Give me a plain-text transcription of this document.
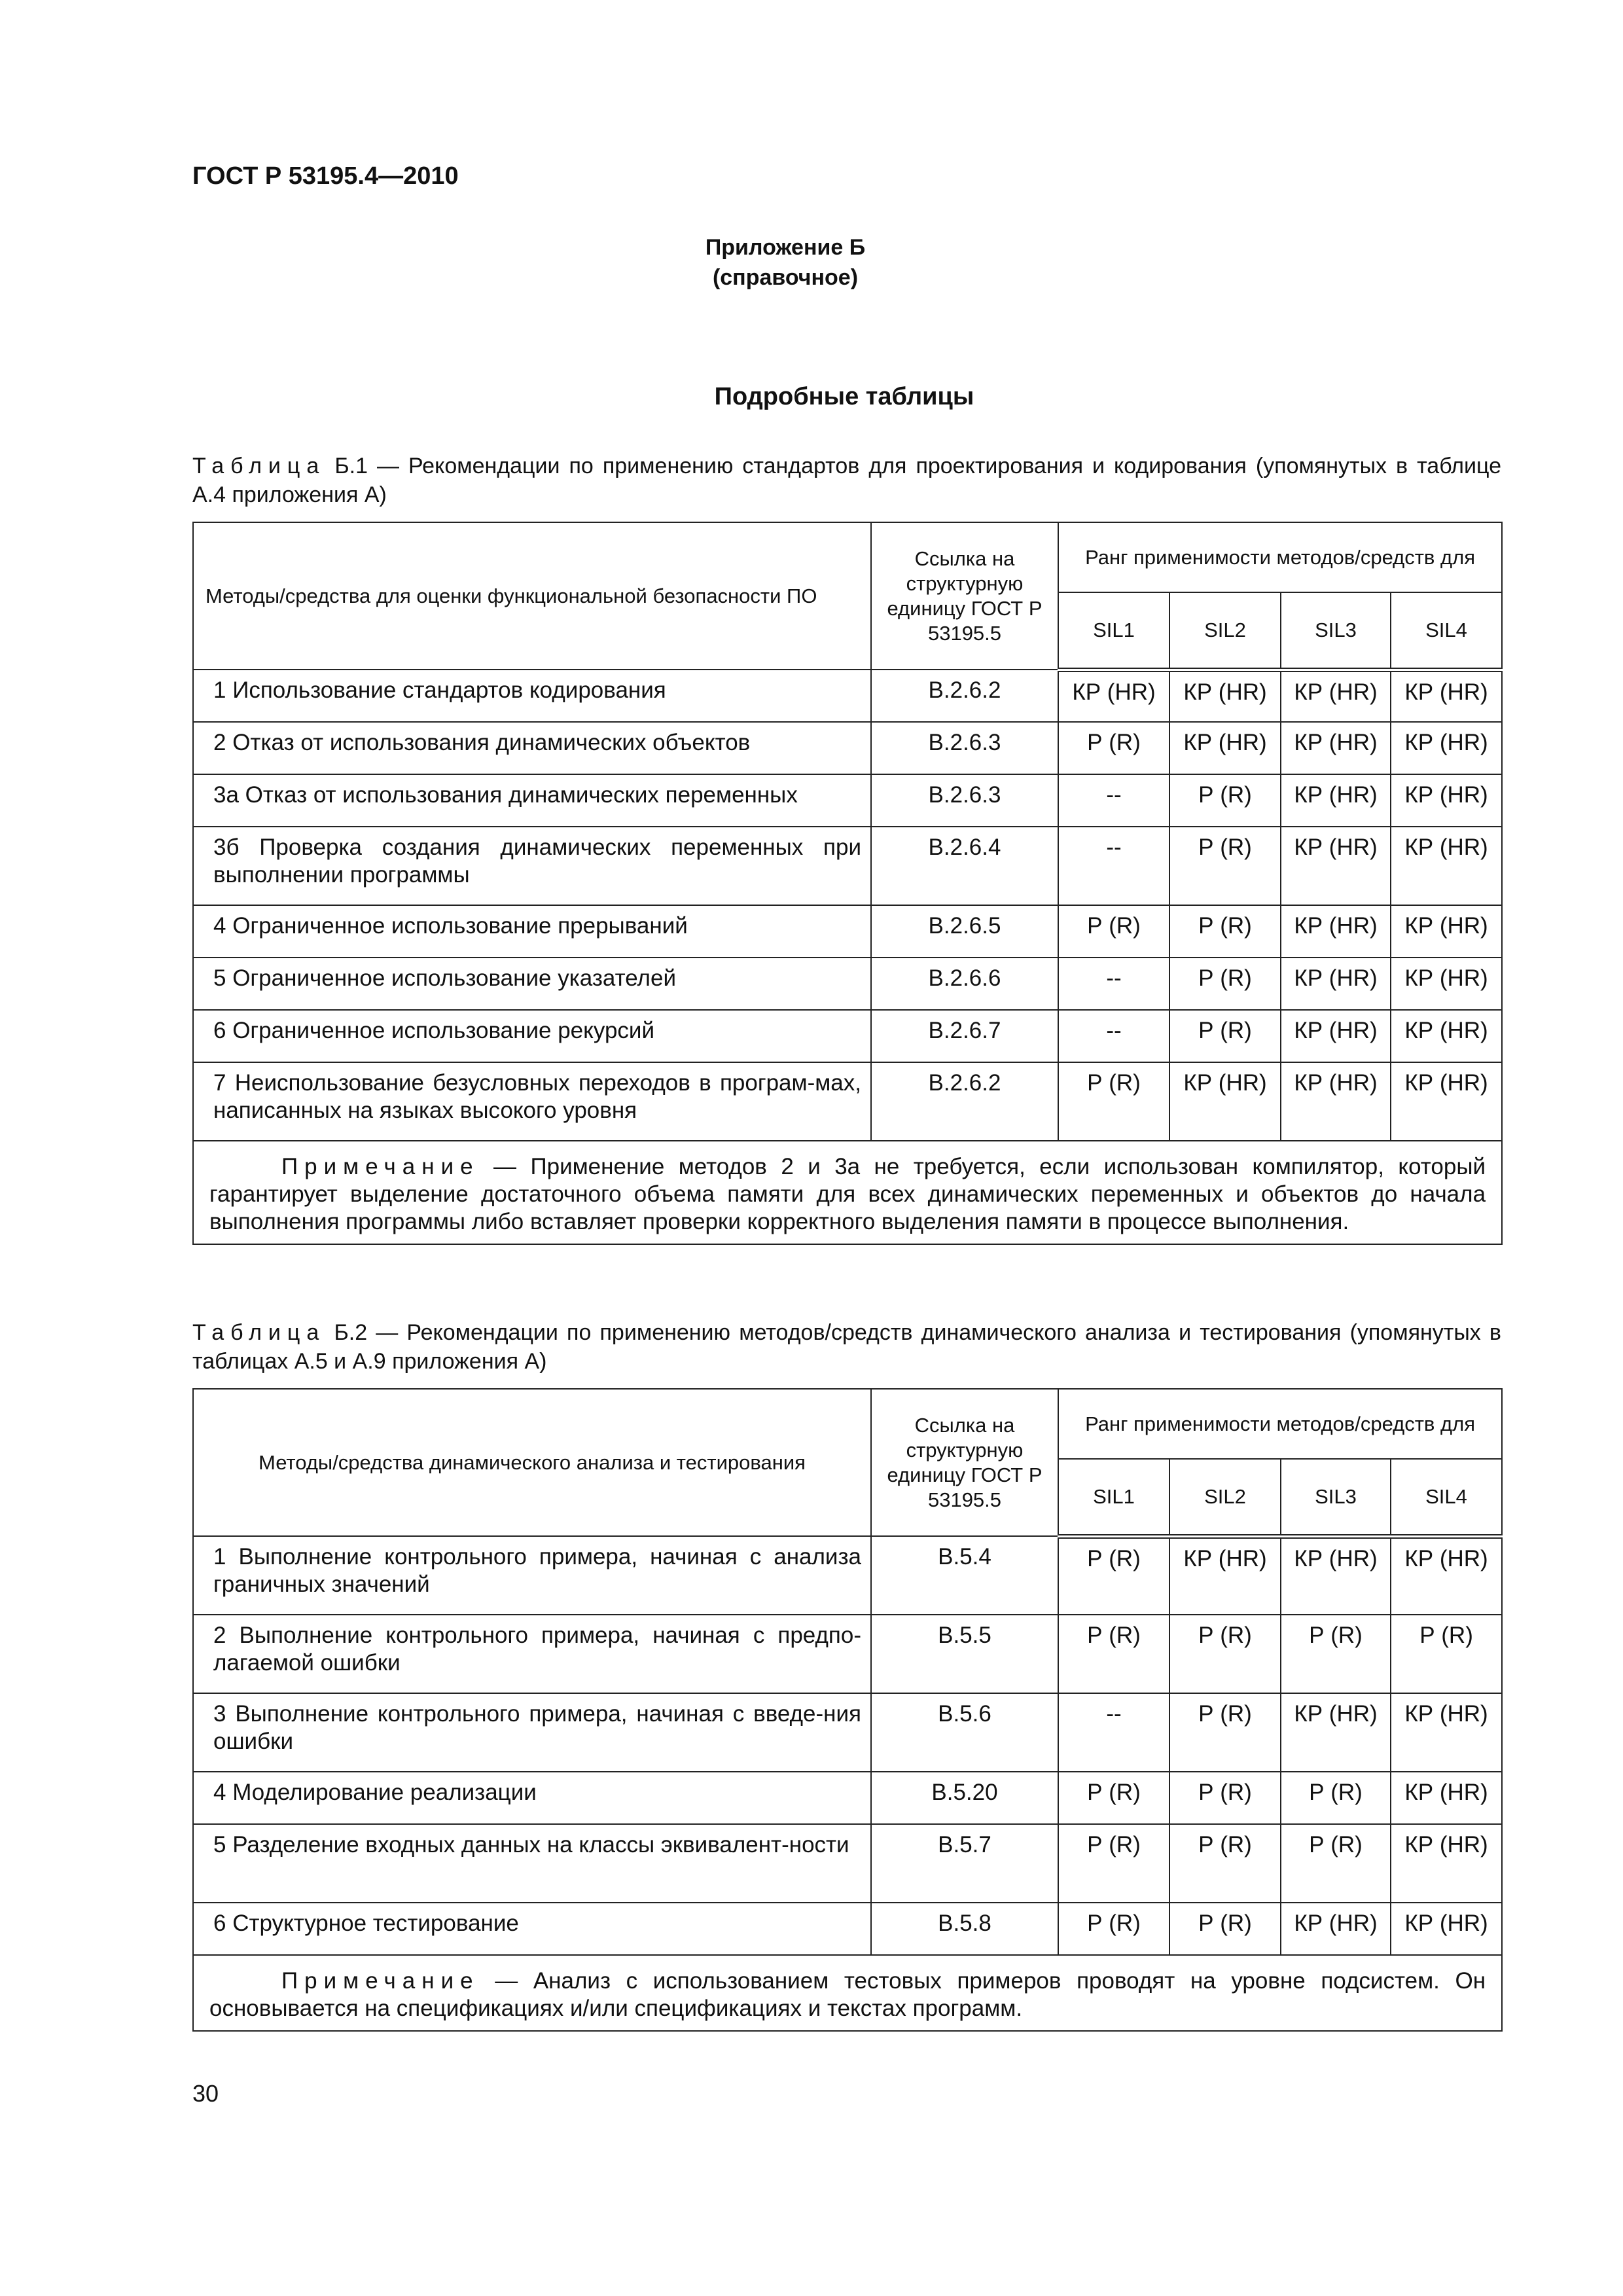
ГОСТ Р 53195.4—2010
Приложение Б
(справочное)
Подробные таблицы
Таблица Б.1 — Рекомендации по применению стандартов для проектирования и кодирования (упомянутых в таблице А.4 приложения А)
Методы/средства для оценки функциональной безопасности ПО	Ссылка на структурную единицу ГОСТ Р 53195.5	Ранг применимости методов/средств для			
		SIL1	SIL2	SIL3	SIL4
1 Использование стандартов кодирования	В.2.6.2	КР (HR)	КР (HR)	КР (HR)	КР (HR)
2 Отказ от использования динамических объектов	В.2.6.3	Р (R)	КР (HR)	КР (HR)	КР (HR)
3а Отказ от использования динамических переменных	В.2.6.3	--	Р (R)	КР (HR)	КР (HR)
3б Проверка создания динамических переменных при выполнении программы	В.2.6.4	--	Р (R)	КР (HR)	КР (HR)
4 Ограниченное использование прерываний	В.2.6.5	Р (R)	Р (R)	КР (HR)	КР (HR)
5 Ограниченное использование указателей	В.2.6.6	--	Р (R)	КР (HR)	КР (HR)
6 Ограниченное использование рекурсий	В.2.6.7	--	Р (R)	КР (HR)	КР (HR)
7 Неиспользование безусловных переходов в програм-мах, написанных на языках высокого уровня	В.2.6.2	Р (R)	КР (HR)	КР (HR)	КР (HR)
Примечание — Применение методов 2 и 3а не требуется, если использован компилятор, который гарантирует выделение достаточного объема памяти для всех динамических переменных и объектов до начала выполнения программы либо вставляет проверки корректного выделения памяти в процессе выполнения.					
Таблица Б.2 — Рекомендации по применению методов/средств динамического анализа и тестирования (упомянутых в таблицах А.5 и А.9 приложения А)
Методы/средства динамического анализа и тестирования	Ссылка на структурную единицу ГОСТ Р 53195.5	Ранг применимости методов/средств для			
		SIL1	SIL2	SIL3	SIL4
1 Выполнение контрольного примера, начиная с анализа граничных значений	В.5.4	Р (R)	КР (HR)	КР (HR)	КР (HR)
2 Выполнение контрольного примера, начиная с предпо-лагаемой ошибки	В.5.5	Р (R)	Р (R)	Р (R)	Р (R)
3 Выполнение контрольного примера, начиная с введе-ния ошибки	В.5.6	--	Р (R)	КР (HR)	КР (HR)
4 Моделирование реализации	В.5.20	Р (R)	Р (R)	Р (R)	КР (HR)
5 Разделение входных данных на классы эквивалент-ности	В.5.7	Р (R)	Р (R)	Р (R)	КР (HR)
6 Структурное тестирование	В.5.8	Р (R)	Р (R)	КР (HR)	КР (HR)
Примечание — Анализ с использованием тестовых примеров проводят на уровне подсистем. Он основывается на спецификациях и/или спецификациях и текстах программ.					
30
